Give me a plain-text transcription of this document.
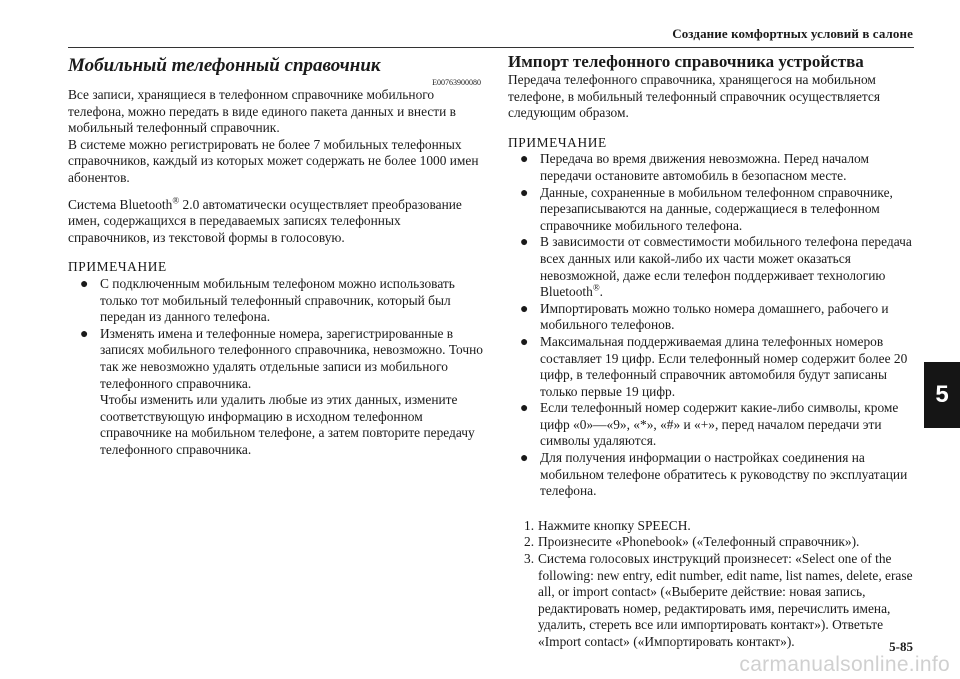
Создание комфортных условий в салоне
Мобильный телефонный справочник
E00763900080

Все записи, хранящиеся в телефонном справочнике мобильного телефона, можно передать в виде единого пакета данных и внести в мобильный телефонный справочник.

В системе можно регистрировать не более 7 мобильных телефонных справочников, каждый из которых может содержать не более 1000 имен абонентов.

Система Bluetooth® 2.0 автоматически осуществляет преобразование имен, содержащихся в передаваемых записях телефонных справочников, из текстовой формы в голосовую.

ПРИМЕЧАНИЕ

● С подключенным мобильным телефоном можно использовать только тот мобильный телефонный справочник, который был передан из данного телефона.
● Изменять имена и телефонные номера, зарегистрированные в записях мобильного телефонного справочника, невозможно. Точно так же невозможно удалять отдельные записи из мобильного телефонного справочника.
Чтобы изменить или удалить любые из этих данных, измените соответствующую информацию в исходном телефонном справочнике на мобильном телефоне, а затем повторите передачу телефонного справочника.
Импорт телефонного справочника устройства

Передача телефонного справочника, хранящегося на мобильном телефоне, в мобильный телефонный справочник осуществляется следующим образом.

ПРИМЕЧАНИЕ

● Передача во время движения невозможна. Перед началом передачи остановите автомобиль в безопасном месте.
● Данные, сохраненные в мобильном телефонном справочнике, перезаписываются на данные, содержащиеся в телефонном справочнике мобильного телефона.
● В зависимости от совместимости мобильного телефона передача всех данных или какой-либо их части может оказаться невозможной, даже если телефон поддерживает технологию Bluetooth®.
● Импортировать можно только номера домашнего, рабочего и мобильного телефонов.
● Максимальная поддерживаемая длина телефонных номеров составляет 19 цифр. Если телефонный номер содержит более 20 цифр, в телефонный справочник автомобиля будут записаны только первые 19 цифр.
● Если телефонный номер содержит какие-либо символы, кроме цифр «0»—«9», «*», «#» и «+», перед началом передачи эти символы удаляются.
● Для получения информации о настройках соединения на мобильном телефоне обратитесь к руководству по эксплуатации телефона.
1. Нажмите кнопку SPEECH.
2. Произнесите «Phonebook» («Телефонный справочник»).
3. Система голосовых инструкций произнесет: «Select one of the following: new entry, edit number, edit name, list names, delete, erase all, or import contact» («Выберите действие: новая запись, редактировать номер, редактировать имя, перечислить имена, удалить, стереть все или импортировать контакт»). Ответьте «Import contact» («Импортировать контакт»).
5
5-85
carmanualsonline.info
